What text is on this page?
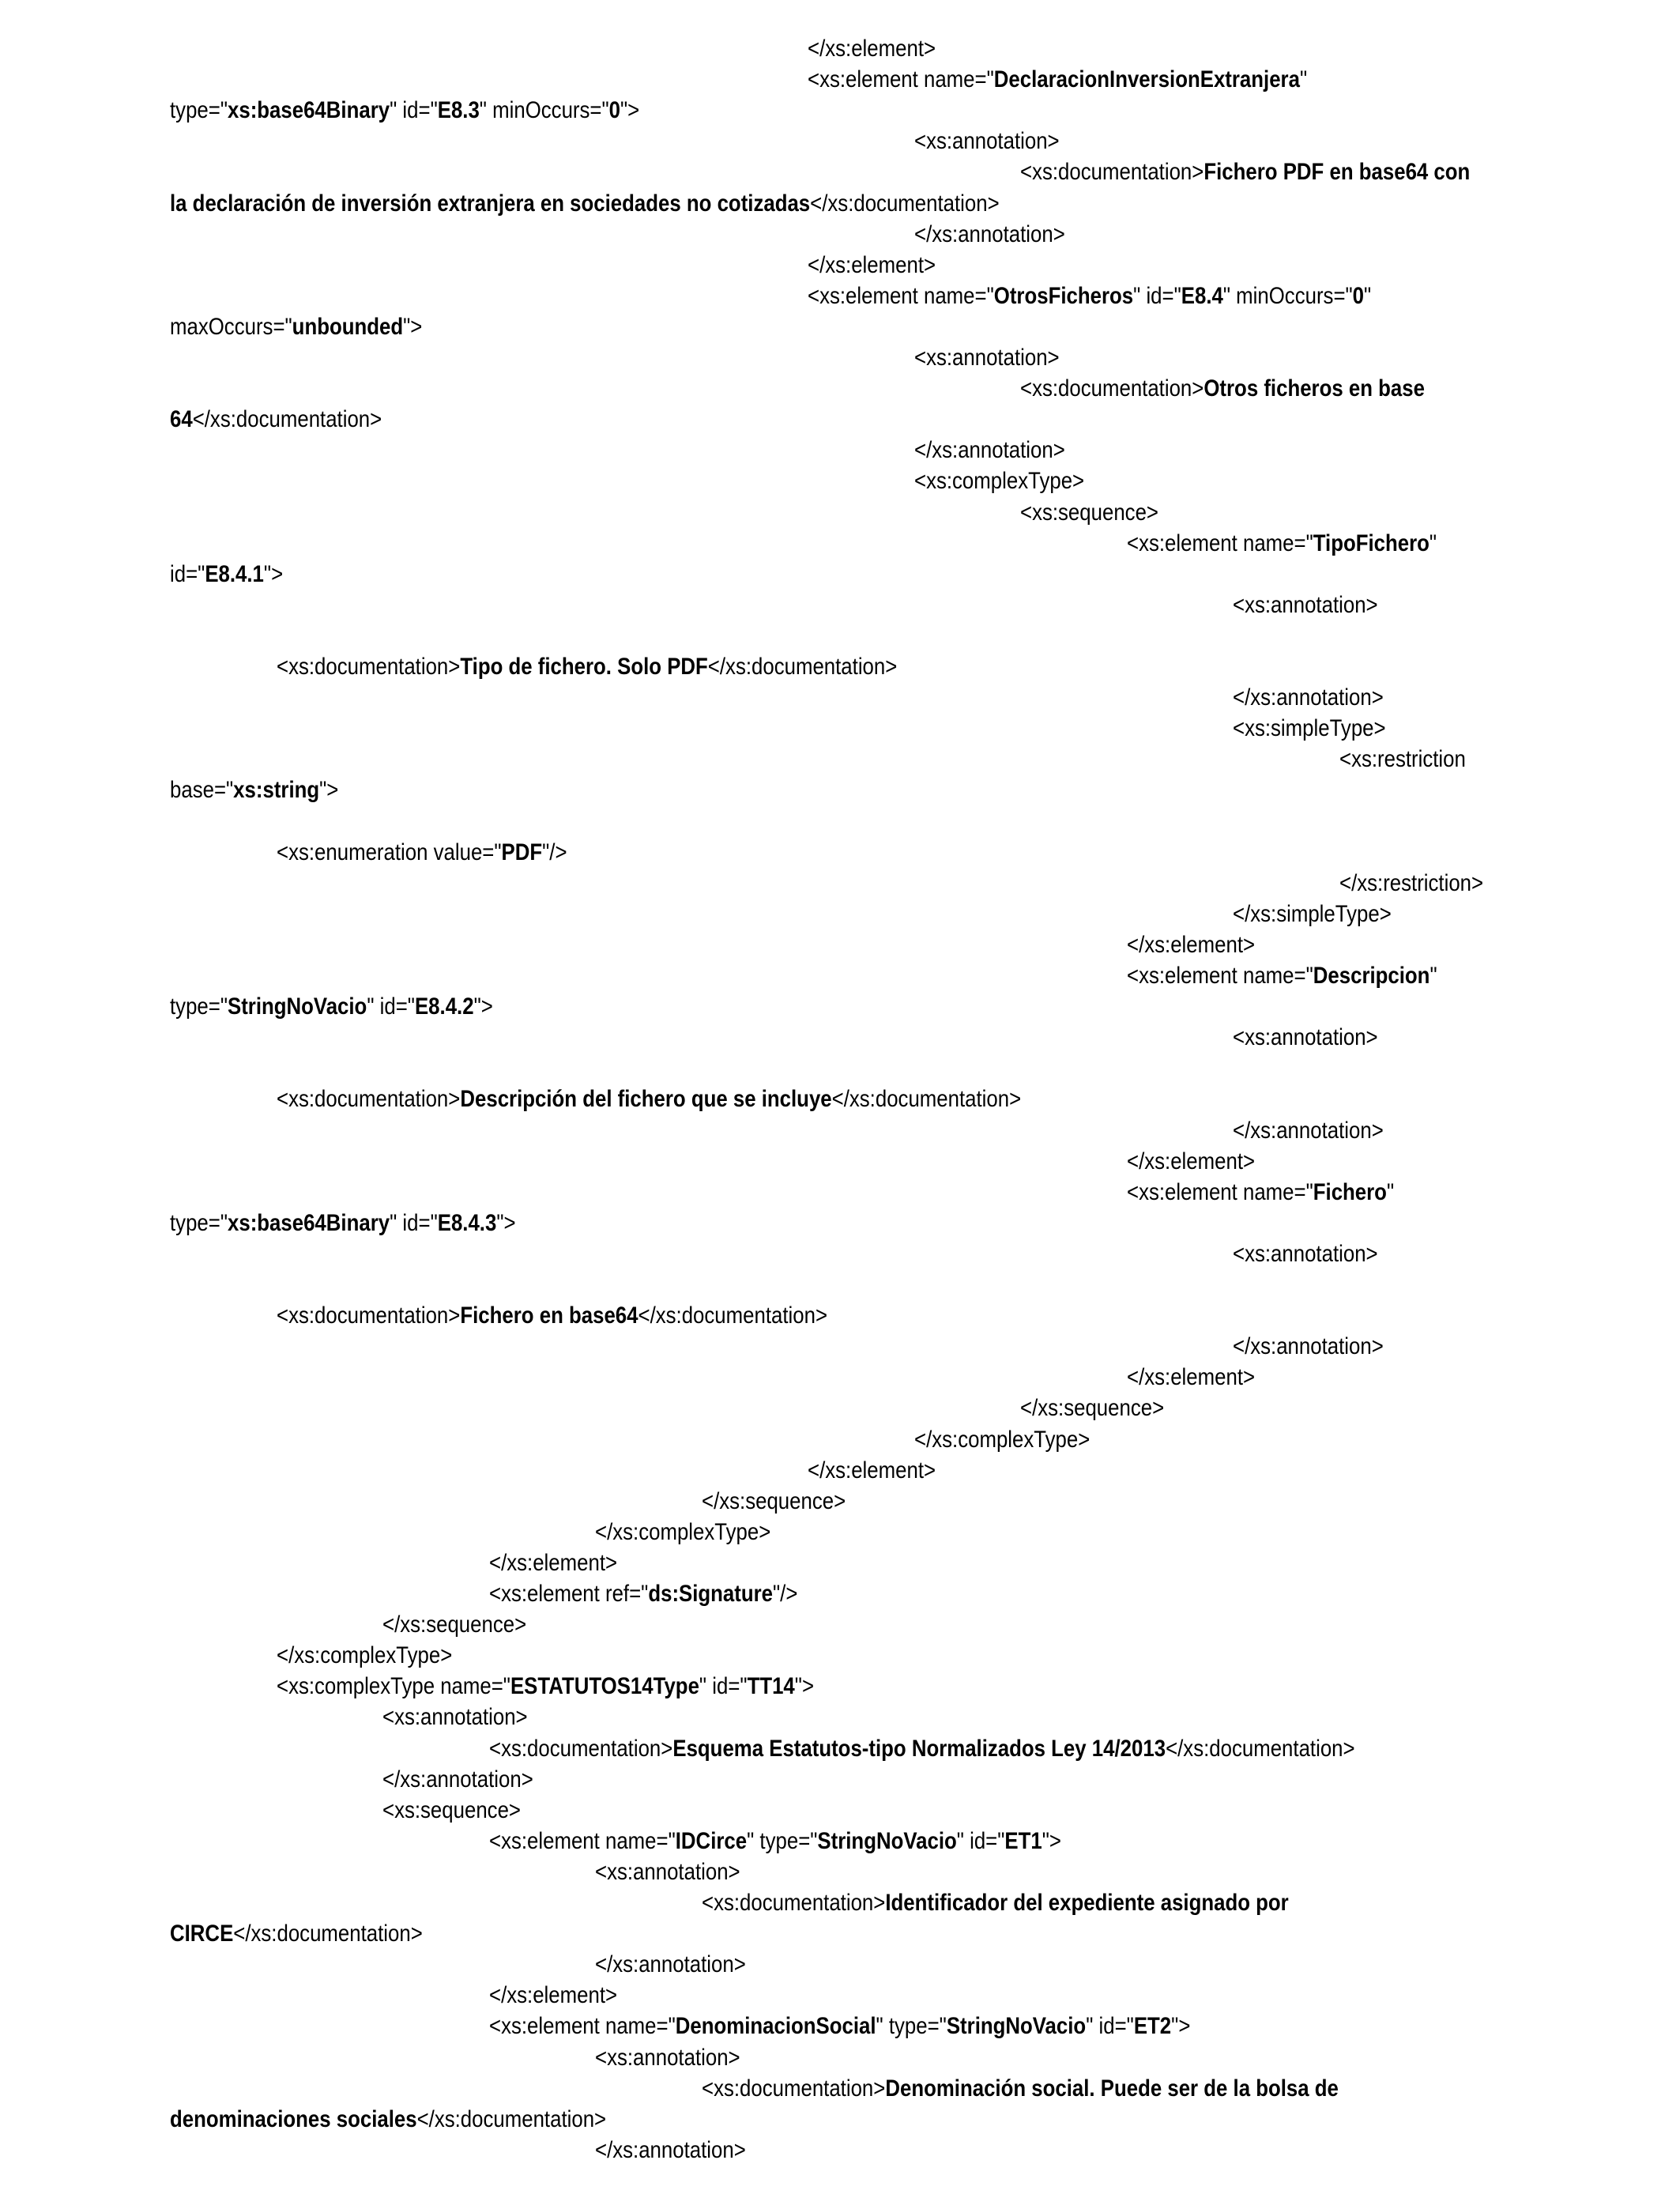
</xs:element>
<xs:element name="DeclaracionInversionExtranjera"
type="xs:base64Binary" id="E8.3" minOccurs="0">
<xs:annotation>
<xs:documentation>Fichero PDF en base64 con
la declaración de inversión extranjera en sociedades no cotizadas</xs:documentation>
</xs:annotation>
</xs:element>
<xs:element name="OtrosFicheros" id="E8.4" minOccurs="0"
maxOccurs="unbounded">
<xs:annotation>
<xs:documentation>Otros ficheros en base
64</xs:documentation>
</xs:annotation>
<xs:complexType>
<xs:sequence>
<xs:element name="TipoFichero"
id="E8.4.1">
<xs:annotation>
<xs:documentation>Tipo de fichero. Solo PDF</xs:documentation>
</xs:annotation>
<xs:simpleType>
<xs:restriction
base="xs:string">
<xs:enumeration value="PDF"/>
</xs:restriction>
</xs:simpleType>
</xs:element>
<xs:element name="Descripcion"
type="StringNoVacio" id="E8.4.2">
<xs:annotation>
<xs:documentation>Descripción del fichero que se incluye</xs:documentation>
</xs:annotation>
</xs:element>
<xs:element name="Fichero"
type="xs:base64Binary" id="E8.4.3">
<xs:annotation>
<xs:documentation>Fichero en base64</xs:documentation>
</xs:annotation>
</xs:element>
</xs:sequence>
</xs:complexType>
</xs:element>
</xs:sequence>
</xs:complexType>
</xs:element>
<xs:element ref="ds:Signature"/>
</xs:sequence>
</xs:complexType>
<xs:complexType name="ESTATUTOS14Type" id="TT14">
<xs:annotation>
<xs:documentation>Esquema Estatutos-tipo Normalizados Ley 14/2013</xs:documentation>
</xs:annotation>
<xs:sequence>
<xs:element name="IDCirce" type="StringNoVacio" id="ET1">
<xs:annotation>
<xs:documentation>Identificador del expediente asignado por
CIRCE</xs:documentation>
</xs:annotation>
</xs:element>
<xs:element name="DenominacionSocial" type="StringNoVacio" id="ET2">
<xs:annotation>
<xs:documentation>Denominación social. Puede ser de la bolsa de
denominaciones sociales</xs:documentation>
</xs:annotation>
